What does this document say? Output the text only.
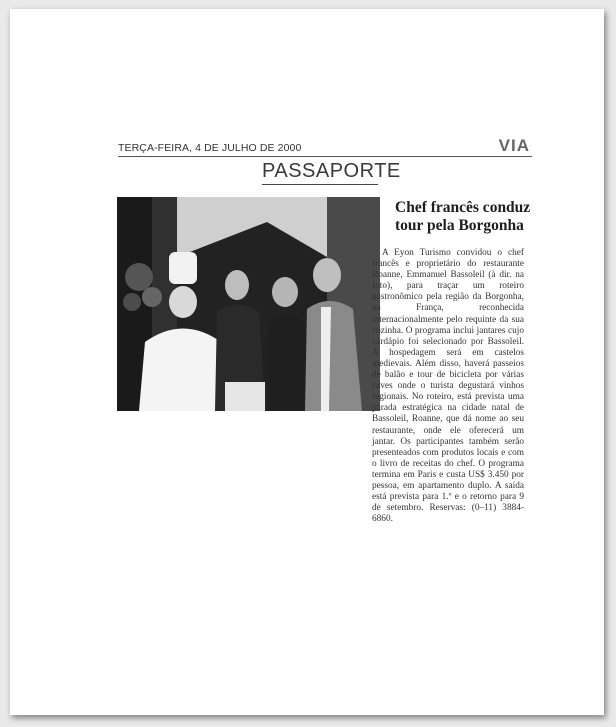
TERÇA-FEIRA, 4 DE JULHO DE 2000	VIA
PASSAPORTE
Chef francês conduz tour pela Borgonha
A Eyon Turismo convidou o chef francês e proprietário do restaurante Roanne, Emmanuel Bassoleil (à dir. na foto), para traçar um roteiro gastronômico pela região da Borgonha, na França, reconhecida internacionalmente pelo requinte da sua cozinha. O programa inclui jantares cujo cardápio foi selecionado por Bassoleil. A hospedagem será em castelos medievais. Além disso, haverá passeios de balão e tour de bicicleta por várias caves onde o turista degustará vinhos regionais. No roteiro, está prevista uma parada estratégica na cidade natal de Bassoleil, Roanne, que dá nome ao seu restaurante, onde ele oferecerá um jantar. Os participantes também serão presenteados com produtos locais e com o livro de receitas do chef. O programa termina em Paris e custa US$ 3.450 por pessoa, em apartamento duplo. A saída está prevista para 1.º e o retorno para 9 de setembro. Reservas: (0–11) 3884-6860.
